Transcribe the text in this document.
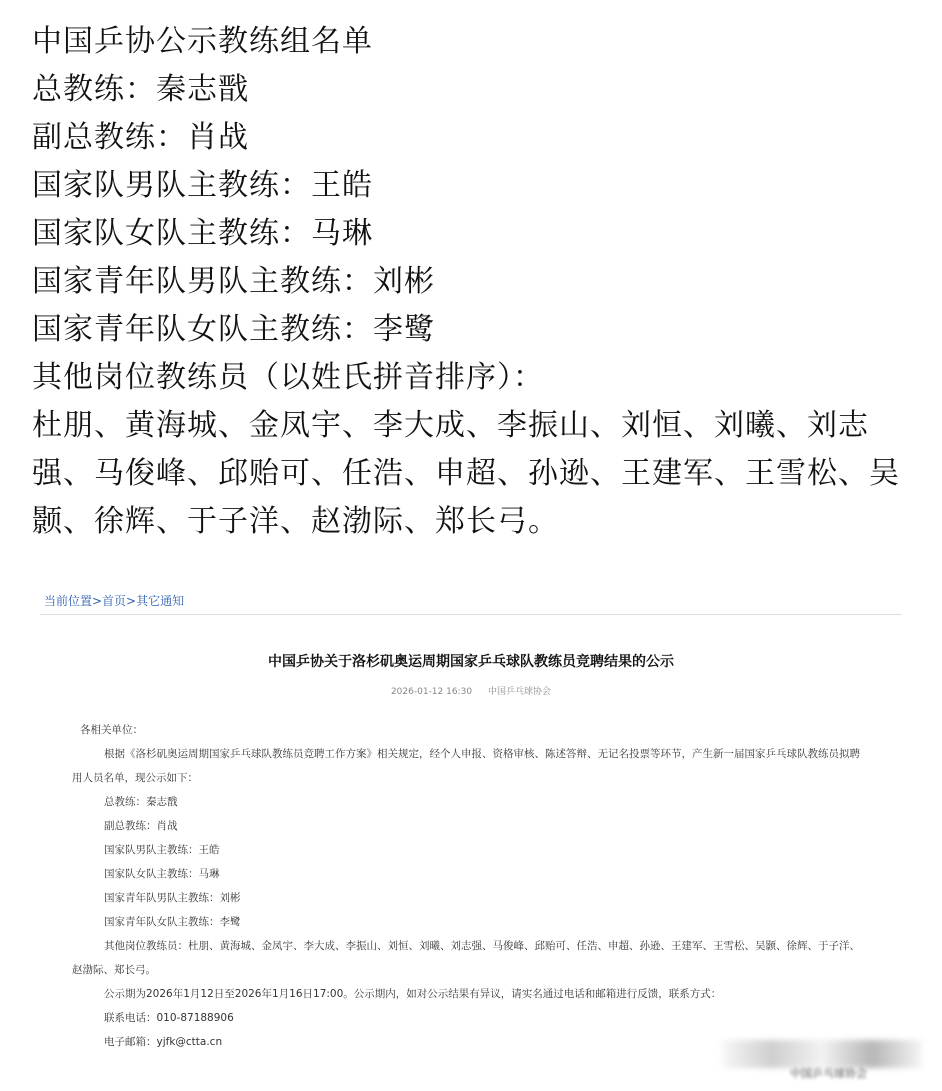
中国乒协公示教练组名单
总教练：秦志戬
副总教练：肖战
国家队男队主教练：王皓
国家队女队主教练：马琳
国家青年队男队主教练：刘彬
国家青年队女队主教练：李鹭
其他岗位教练员（以姓氏拼音排序）：
杜朋、黄海城、金凤宇、李大成、李振山、刘恒、刘曦、刘志强、马俊峰、邱贻可、任浩、申超、孙逊、王建军、王雪松、吴颢、徐辉、于子洋、赵渤际、郑长弓。
当前位置>首页>其它通知
中国乒协关于洛杉矶奥运周期国家乒乓球队教练员竞聘结果的公示
2026-01-12 16:30 中国乒乓球协会

各相关单位：

根据《洛杉矶奥运周期国家乒乓球队教练员竞聘工作方案》相关规定，经个人申报、资格审核、陈述答辩、无记名投票等环节，产生新一届国家乒乓球队教练员拟聘用人员名单，现公示如下：

总教练：秦志戬

副总教练：肖战

国家队男队主教练：王皓

国家队女队主教练：马琳

国家青年队男队主教练：刘彬

国家青年队女队主教练：李鹭

其他岗位教练员：杜朋、黄海城、金凤宇、李大成、李振山、刘恒、刘曦、刘志强、马俊峰、邱贻可、任浩、申超、孙逊、王建军、王雪松、吴颢、徐辉、于子洋、赵渤际、郑长弓。

公示期为2026年1月12日至2026年1月16日17:00。公示期内，如对公示结果有异议，请实名通过电话和邮箱进行反馈，联系方式：

联系电话：010-87188906

电子邮箱：yjfk@ctta.cn

中国乒乓球协会
